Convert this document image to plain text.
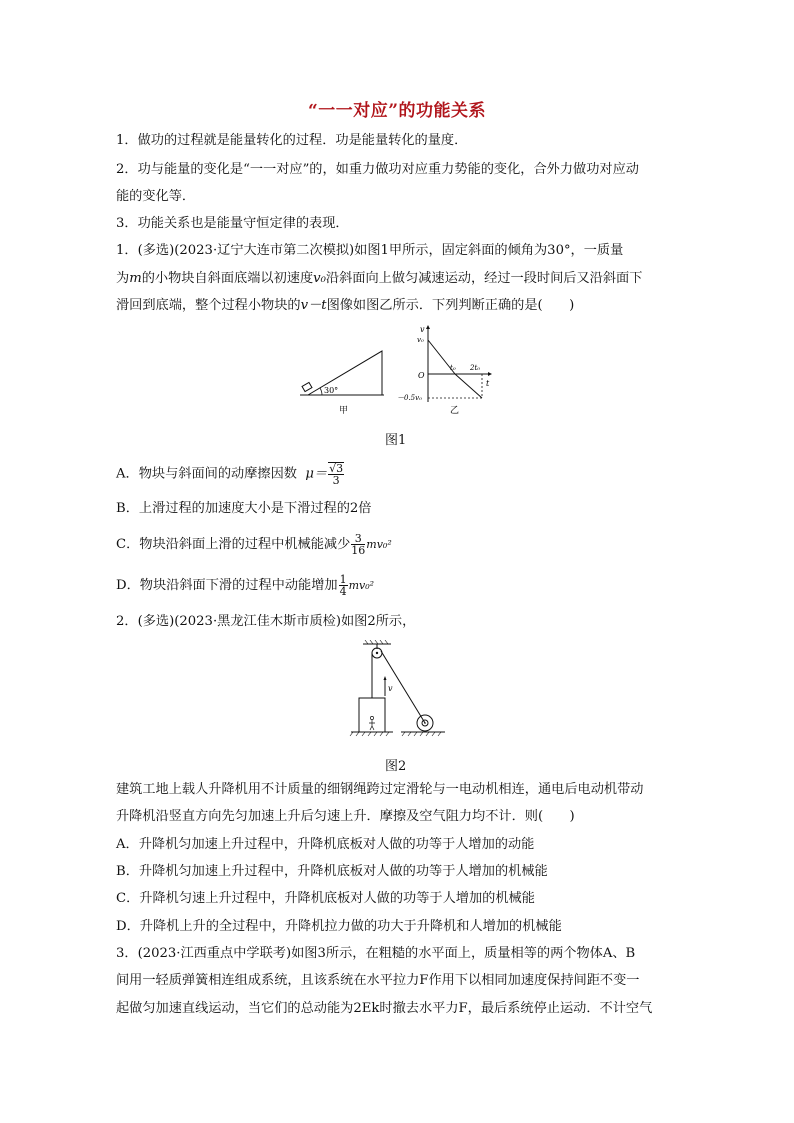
“一一对应”的功能关系
1．做功的过程就是能量转化的过程．功是能量转化的量度．
2．功与能量的变化是“一一对应”的，如重力做功对应重力势能的变化，合外力做功对应动
能的变化等．
3．功能关系也是能量守恒定律的表现．
1．(多选)(2023·辽宁大连市第二次模拟)如图1甲所示，固定斜面的倾角为30°，一质量
为m的小物块自斜面底端以初速度v₀沿斜面向上做匀减速运动，经过一段时间后又沿斜面下
滑回到底端，整个过程小物块的v－t图像如图乙所示．下列判断正确的是(　　)
30°
甲
v
v₀
O
t₀ 2t₀
t
－0.5v₀
乙
图1
A．物块与斜面间的动摩擦因数 $\mu= \frac{√3}{3}$
B．上滑过程的加速度大小是下滑过程的2倍
C．物块沿斜面上滑的过程中机械能减少 $\frac{3}{16} mv_0^2$
D．物块沿斜面下滑的过程中动能增加 $\frac{1}{4} mv_0^2$
2．(多选)(2023·黑龙江佳木斯市质检)如图2所示，
v
图2
建筑工地上载人升降机用不计质量的细钢绳跨过定滑轮与一电动机相连，通电后电动机带动
升降机沿竖直方向先匀加速上升后匀速上升．摩擦及空气阻力均不计．则(　　)
A．升降机匀加速上升过程中，升降机底板对人做的功等于人增加的动能
B．升降机匀加速上升过程中，升降机底板对人做的功等于人增加的机械能
C．升降机匀速上升过程中，升降机底板对人做的功等于人增加的机械能
D．升降机上升的全过程中，升降机拉力做的功大于升降机和人增加的机械能
3．(2023·江西重点中学联考)如图3所示，在粗糙的水平面上，质量相等的两个物体A、B
间用一轻质弹簧相连组成系统，且该系统在水平拉力F作用下以相同加速度保持间距不变一
起做匀加速直线运动，当它们的总动能为2Ek时撤去水平力F，最后系统停止运动．不计空气
